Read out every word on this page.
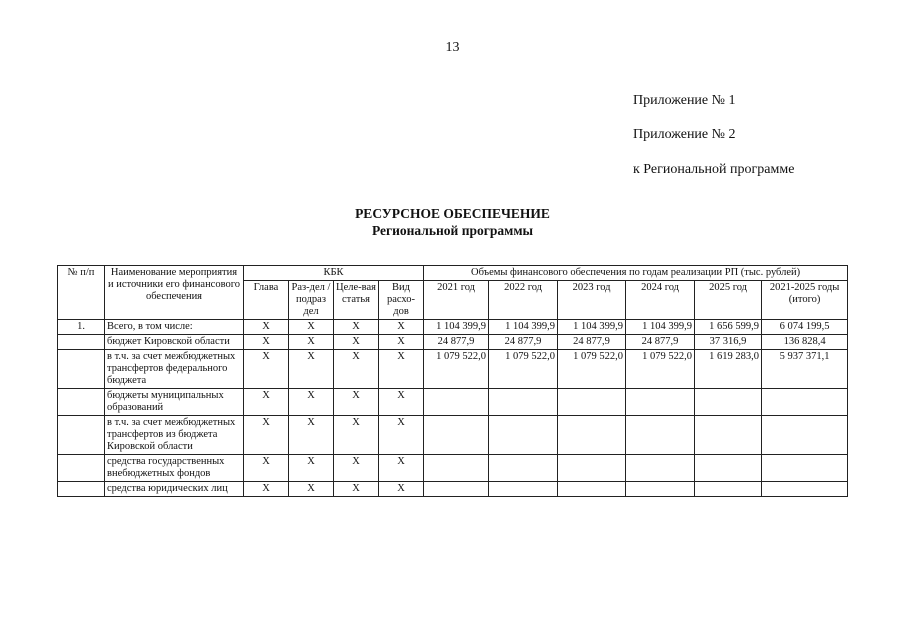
13
Приложение № 1
Приложение № 2
к Региональной программе
РЕСУРСНОЕ ОБЕСПЕЧЕНИЕ
Региональной программы
№ п/п	Наименование мероприятия и источники его финансового обеспечения	КБК				Объемы финансового обеспечения по годам реализации РП (тыс. рублей)					
		Глава	Раз-дел / подраз дел	Целе-вая статья	Вид расхо-дов	2021 год	2022 год	2023 год	2024 год	2025 год	2021-2025 годы (итого)
1.	Всего, в том числе:	X	X	X	X	1 104 399,9	1 104 399,9	1 104 399,9	1 104 399,9	1 656 599,9	6 074 199,5
	бюджет Кировской области	X	X	X	X	24 877,9	24 877,9	24 877,9	24 877,9	37 316,9	136 828,4
	в т.ч. за счет межбюджетных трансфертов федерального бюджета	X	X	X	X	1 079 522,0	1 079 522,0	1 079 522,0	1 079 522,0	1 619 283,0	5 937 371,1
	бюджеты муниципальных образований	X	X	X	X						
	в т.ч. за счет межбюджетных трансфертов из бюджета Кировской области	X	X	X	X						
	средства государственных внебюджетных фондов	X	X	X	X						
	средства юридических лиц	X	X	X	X						
